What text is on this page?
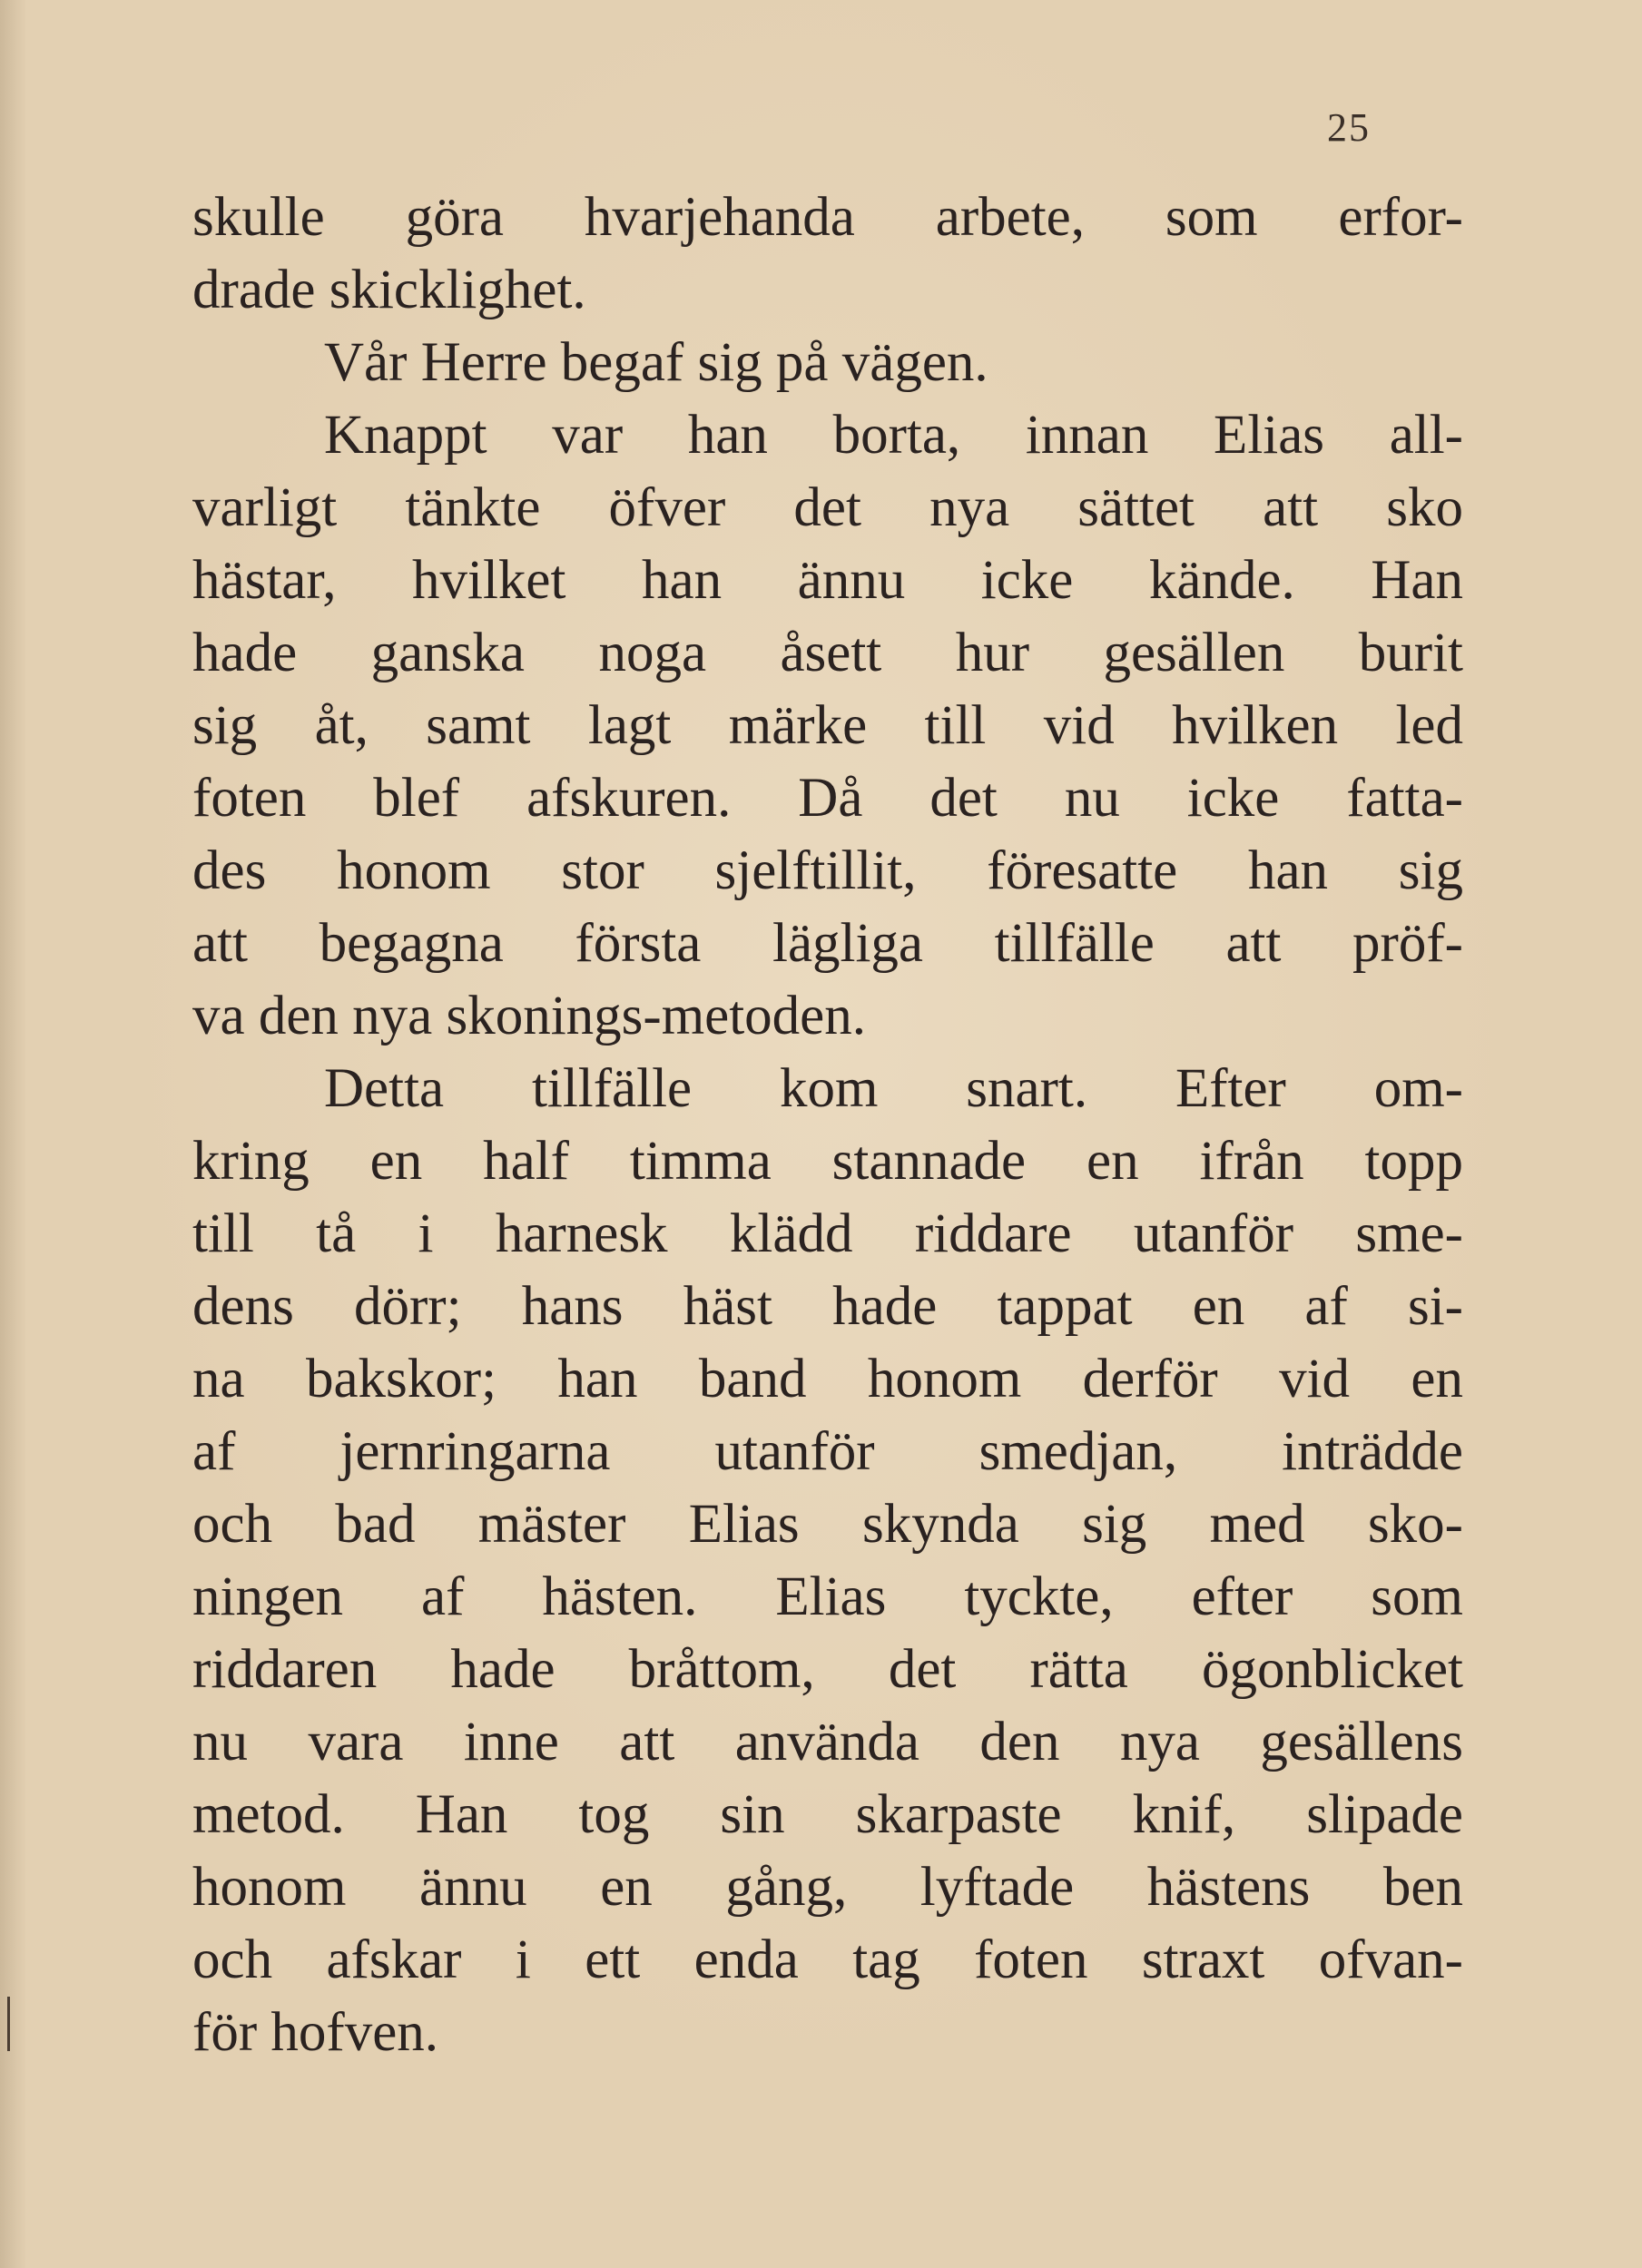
25
skulle göra hvarjehanda arbete, som erfor-
drade skicklighet.
Vår Herre begaf sig på vägen.
Knappt var han borta, innan Elias all-
varligt tänkte öfver det nya sättet att sko
hästar, hvilket han ännu icke kände. Han
hade ganska noga åsett hur gesällen burit
sig åt, samt lagt märke till vid hvilken led
foten blef afskuren. Då det nu icke fatta-
des honom stor sjelftillit, föresatte han sig
att begagna första lägliga tillfälle att pröf-
va den nya skonings-metoden.
Detta tillfälle kom snart. Efter om-
kring en half timma stannade en ifrån topp
till tå i harnesk klädd riddare utanför sme-
dens dörr; hans häst hade tappat en af si-
na bakskor; han band honom derför vid en
af jernringarna utanför smedjan, inträdde
och bad mäster Elias skynda sig med sko-
ningen af hästen. Elias tyckte, efter som
riddaren hade bråttom, det rätta ögonblicket
nu vara inne att använda den nya gesällens
metod. Han tog sin skarpaste knif, slipade
honom ännu en gång, lyftade hästens ben
och afskar i ett enda tag foten straxt ofvan-
för hofven.
